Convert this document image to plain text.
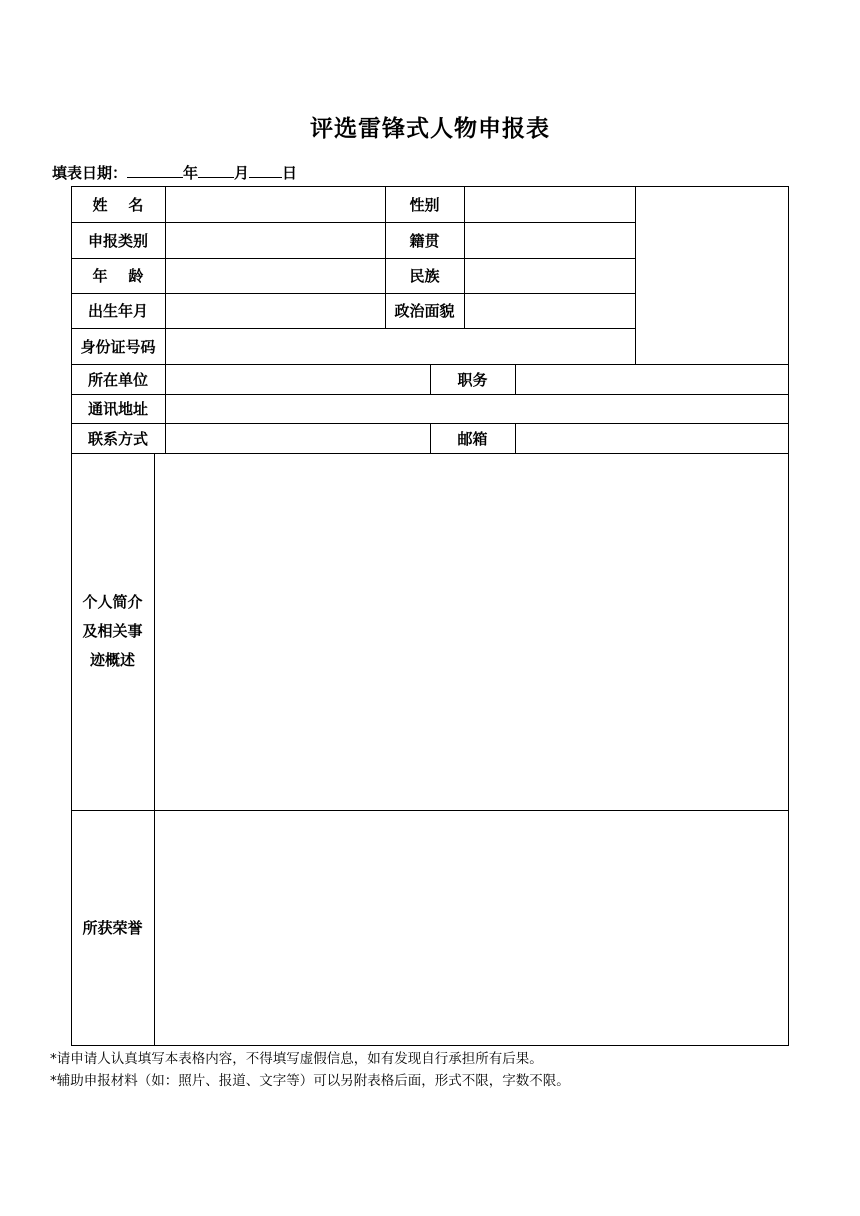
评选雷锋式人物申报表
填表日期：	年 月 日
姓    名	性别
申报类别	籍贯
年    龄	民族
出生年月	政治面貌
身份证号码
所在单位	职务
通讯地址
联系方式	邮箱
个人简介
及相关事
迹概述
所获荣誉
*请申请人认真填写本表格内容，不得填写虚假信息，如有发现自行承担所有后果。
*辅助申报材料（如：照片、报道、文字等）可以另附表格后面，形式不限，字数不限。
